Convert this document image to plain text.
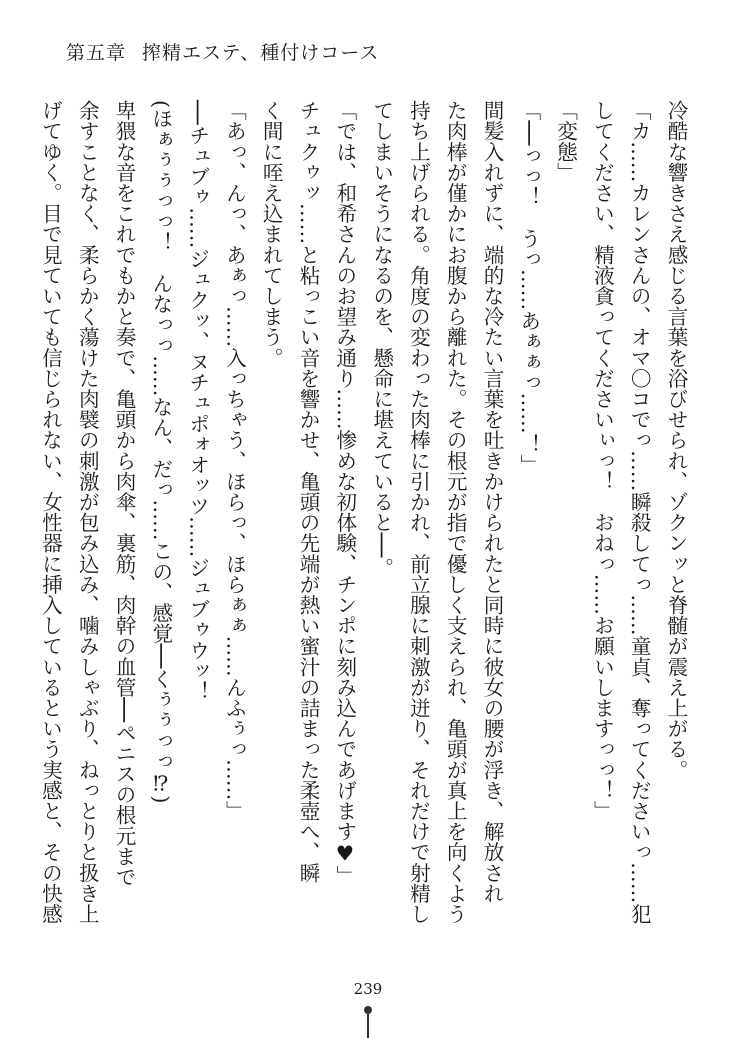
第五章 搾精エステ、種付けコース

冷酷な響きさえ感じる言葉を浴びせられ、ゾクンッと脊髄が震え上がる。

「カ……カレンさんの、オマ〇コでっ……瞬殺してっ……童貞、奪ってくださいっ……犯

してください、精液貪ってくださいぃっ！　おねっ……お願いしますっっ！」

「変態」

「──っっ！　うっ……あぁぁっ……！」

間髪入れずに、端的な冷たい言葉を吐きかけられたと同時に彼女の腰が浮き、解放され

た肉棒が僅かにお腹から離れた。その根元が指で優しく支えられ、亀頭が真上を向くよう

持ち上げられる。角度の変わった肉棒に引かれ、前立腺に刺激が迸り、それだけで射精し

てしまいそうになるのを、懸命に堪えていると──。

「では、和希さんのお望み通り……惨めな初体験、チンポに刻み込んであげます♥」

チュクゥッ……と粘っこい音を響かせ、亀頭の先端が熱い蜜汁の詰まった柔壺へ、瞬

く間に咥え込まれてしまう。

「あっ、んっ、あぁっ……入っちゃう、ほらっ、ほらぁぁ……んふぅっ……」

──チュブゥ……ジュクッ、ヌチュポォオッツ……ジュブゥウッ！

(ほぁぅぅっっ！　んなっっ……なん、だっ……この、感覚──くぅぅっっ⁉)

卑猥な音をこれでもかと奏で、亀頭から肉傘、裏筋、肉幹の血管──ペニスの根元まで

余すことなく、柔らかく蕩けた肉襞の刺激が包み込み、噛みしゃぶり、ねっとりと扱き上

げてゆく。目で見ていても信じられない、女性器に挿入しているという実感と、その快感

239
